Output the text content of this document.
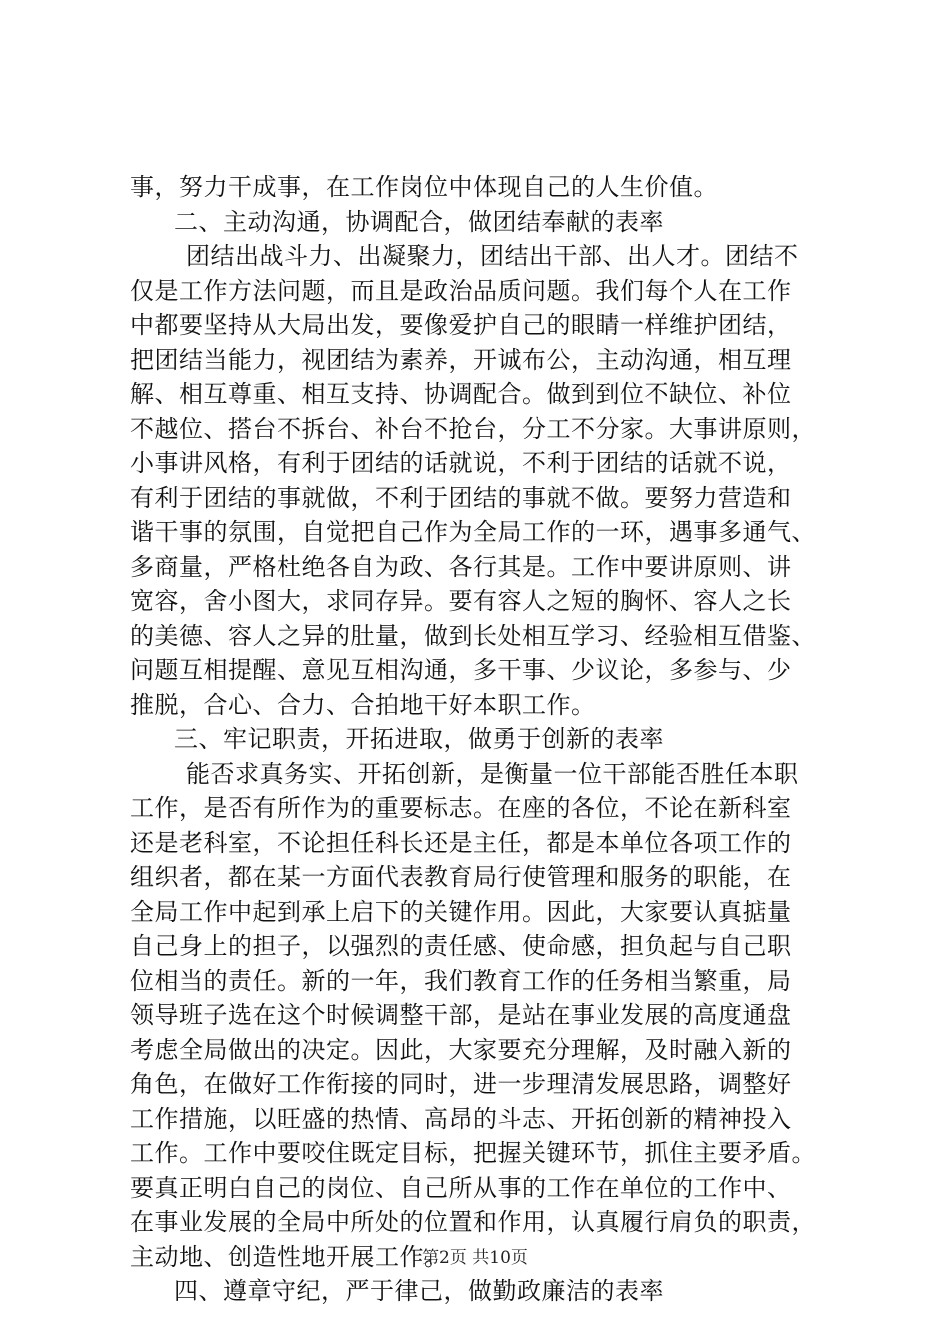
事，努力干成事，在工作岗位中体现自己的人生价值。
二、主动沟通，协调配合，做团结奉献的表率
团结出战斗力、出凝聚力，团结出干部、出人才。团结不
仅是工作方法问题，而且是政治品质问题。我们每个人在工作
中都要坚持从大局出发，要像爱护自己的眼睛一样维护团结，
把团结当能力，视团结为素养，开诚布公，主动沟通，相互理
解、相互尊重、相互支持、协调配合。做到到位不缺位、补位
不越位、搭台不拆台、补台不抢台，分工不分家。大事讲原则，
小事讲风格，有利于团结的话就说，不利于团结的话就不说，
有利于团结的事就做，不利于团结的事就不做。要努力营造和
谐干事的氛围，自觉把自己作为全局工作的一环，遇事多通气、
多商量，严格杜绝各自为政、各行其是。工作中要讲原则、讲
宽容，舍小图大，求同存异。要有容人之短的胸怀、容人之长
的美德、容人之异的肚量，做到长处相互学习、经验相互借鉴、
问题互相提醒、意见互相沟通，多干事、少议论，多参与、少
推脱，合心、合力、合拍地干好本职工作。
三、牢记职责，开拓进取，做勇于创新的表率
能否求真务实、开拓创新，是衡量一位干部能否胜任本职
工作，是否有所作为的重要标志。在座的各位，不论在新科室
还是老科室，不论担任科长还是主任，都是本单位各项工作的
组织者，都在某一方面代表教育局行使管理和服务的职能，在
全局工作中起到承上启下的关键作用。因此，大家要认真掂量
自己身上的担子，以强烈的责任感、使命感，担负起与自己职
位相当的责任。新的一年，我们教育工作的任务相当繁重，局
领导班子选在这个时候调整干部，是站在事业发展的高度通盘
考虑全局做出的决定。因此，大家要充分理解，及时融入新的
角色，在做好工作衔接的同时，进一步理清发展思路，调整好
工作措施，以旺盛的热情、高昂的斗志、开拓创新的精神投入
工作。工作中要咬住既定目标，把握关键环节，抓住主要矛盾。
要真正明白自己的岗位、自己所从事的工作在单位的工作中、
在事业发展的全局中所处的位置和作用，认真履行肩负的职责，
主动地、创造性地开展工作。
四、遵章守纪，严于律己，做勤政廉洁的表率
第2页 共10页
